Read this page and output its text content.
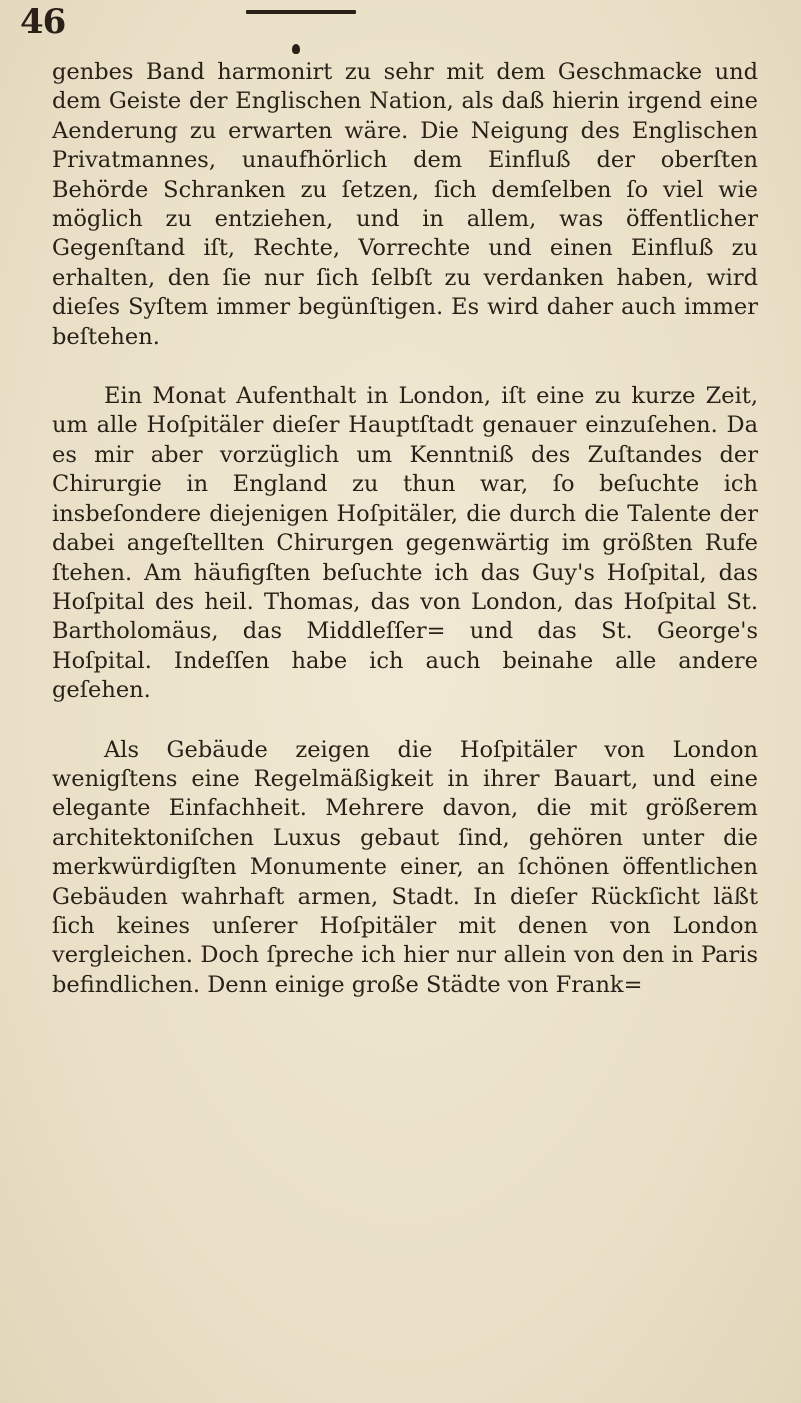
46

genbes Band harmonirt zu sehr mit dem Geschmacke und dem Geiste der Englischen Nation, als daß hierin irgend eine Aenderung zu erwarten wäre. Die Neigung des Englischen Privatmannes, unaufhörlich dem Einfluß der oberſten Behörde Schranken zu ſetzen, ſich demſelben ſo viel wie möglich zu entziehen, und in allem, was öffentlicher Gegenſtand iſt, Rechte, Vorrechte und einen Einfluß zu erhalten, den ſie nur ſich ſelbſt zu verdanken haben, wird dieſes Syſtem immer begünſtigen. Es wird daher auch immer beſtehen.

Ein Monat Aufenthalt in London, iſt eine zu kurze Zeit, um alle Hoſpitäler dieſer Hauptſtadt genauer einzuſehen. Da es mir aber vorzüglich um Kenntniß des Zuſtandes der Chirurgie in England zu thun war, ſo beſuchte ich insbeſondere diejenigen Hoſpitäler, die durch die Talente der dabei angeſtellten Chirurgen gegenwärtig im größten Rufe ſtehen. Am häufigſten beſuchte ich das Guy's Hoſpital, das Hoſpital des heil. Thomas, das von London, das Hoſpital St. Bartholomäus, das Middleſſer= und das St. George's Hoſpital. Indeſſen habe ich auch beinahe alle andere geſehen.

Als Gebäude zeigen die Hoſpitäler von London wenigſtens eine Regelmäßigkeit in ihrer Bauart, und eine elegante Einfachheit. Mehrere davon, die mit größerem architektoniſchen Luxus gebaut ſind, gehören unter die merkwürdigſten Monumente einer, an ſchönen öffentlichen Gebäuden wahrhaft armen, Stadt. In dieſer Rückſicht läßt ſich keines unſerer Hoſpitäler mit denen von London vergleichen. Doch ſpreche ich hier nur allein von den in Paris befindlichen. Denn einige große Städte von Frank=
